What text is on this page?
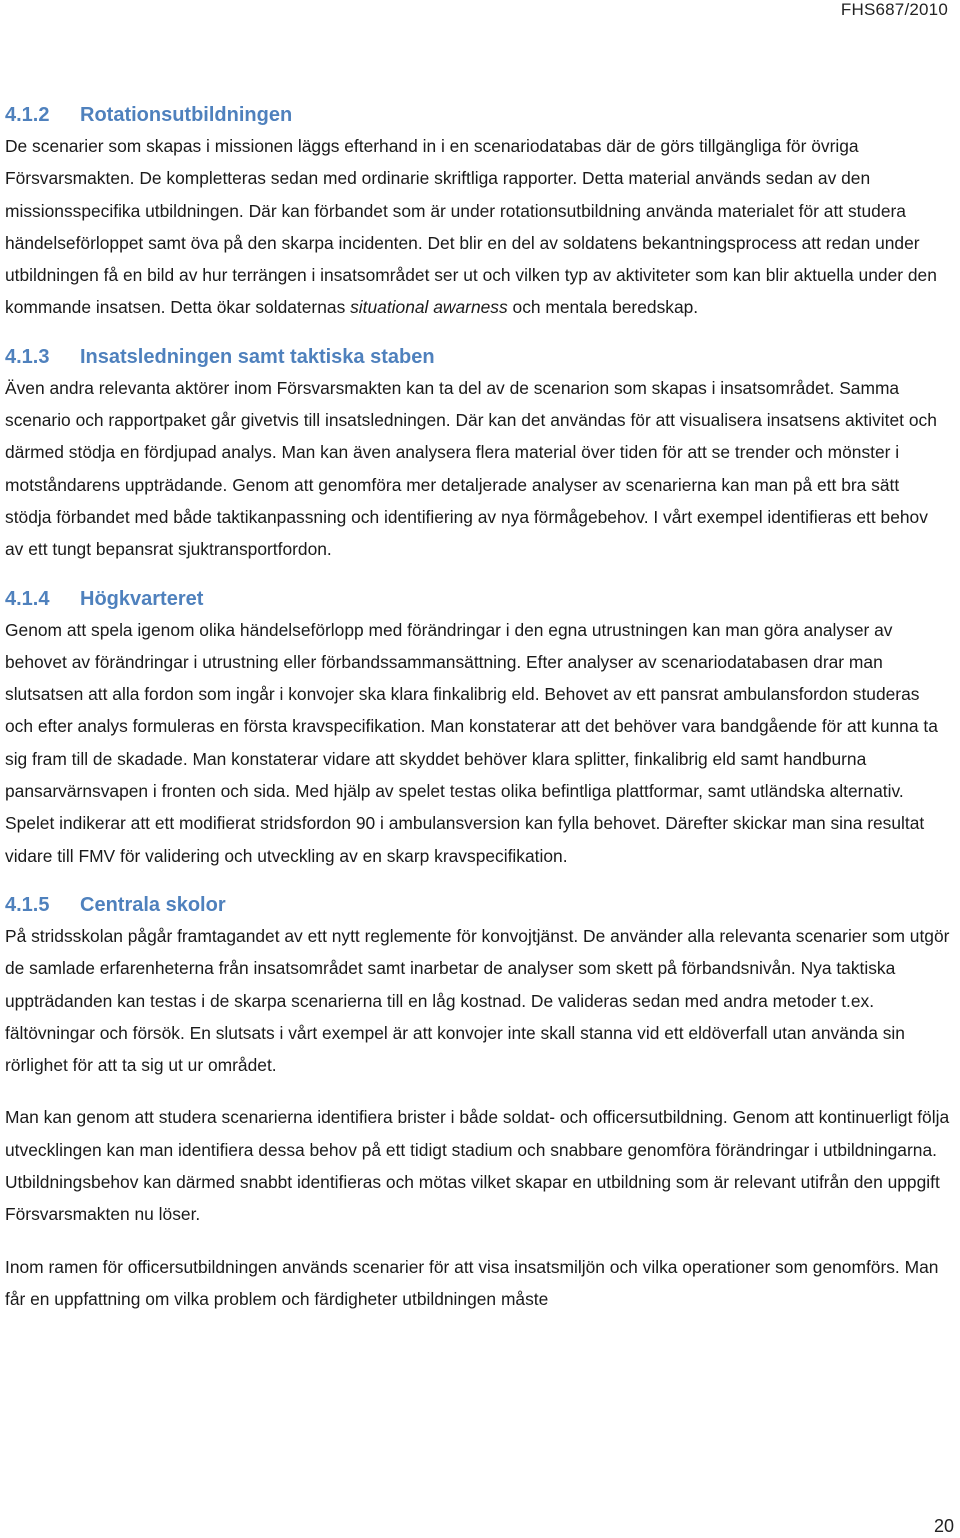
FHS687/2010
4.1.2 Rotationsutbildningen

De scenarier som skapas i missionen läggs efterhand in i en scenariodatabas där de görs tillgängliga för övriga Försvarsmakten. De kompletteras sedan med ordinarie skriftliga rapporter. Detta material används sedan av den missionsspecifika utbildningen. Där kan förbandet som är under rotationsutbildning använda materialet för att studera händelseförloppet samt öva på den skarpa incidenten. Det blir en del av soldatens bekantningsprocess att redan under utbildningen få en bild av hur terrängen i insatsområdet ser ut och vilken typ av aktiviteter som kan blir aktuella under den kommande insatsen. Detta ökar soldaternas situational awarness och mentala beredskap.

4.1.3 Insatsledningen samt taktiska staben

Även andra relevanta aktörer inom Försvarsmakten kan ta del av de scenarion som skapas i insatsområdet. Samma scenario och rapportpaket går givetvis till insatsledningen. Där kan det användas för att visualisera insatsens aktivitet och därmed stödja en fördjupad analys. Man kan även analysera flera material över tiden för att se trender och mönster i motståndarens uppträdande. Genom att genomföra mer detaljerade analyser av scenarierna kan man på ett bra sätt stödja förbandet med både taktikanpassning och identifiering av nya förmågebehov. I vårt exempel identifieras ett behov av ett tungt bepansrat sjuktransportfordon.

4.1.4 Högkvarteret

Genom att spela igenom olika händelseförlopp med förändringar i den egna utrustningen kan man göra analyser av behovet av förändringar i utrustning eller förbandssammansättning. Efter analyser av scenariodatabasen drar man slutsatsen att alla fordon som ingår i konvojer ska klara finkalibrig eld. Behovet av ett pansrat ambulansfordon studeras och efter analys formuleras en första kravspecifikation. Man konstaterar att det behöver vara bandgående för att kunna ta sig fram till de skadade. Man konstaterar vidare att skyddet behöver klara splitter, finkalibrig eld samt handburna pansarvärnsvapen i fronten och sida. Med hjälp av spelet testas olika befintliga plattformar, samt utländska alternativ. Spelet indikerar att ett modifierat stridsfordon 90 i ambulansversion kan fylla behovet. Därefter skickar man sina resultat vidare till FMV för validering och utveckling av en skarp kravspecifikation.

4.1.5 Centrala skolor

På stridsskolan pågår framtagandet av ett nytt reglemente för konvojtjänst. De använder alla relevanta scenarier som utgör de samlade erfarenheterna från insatsområdet samt inarbetar de analyser som skett på förbandsnivån. Nya taktiska uppträdanden kan testas i de skarpa scenarierna till en låg kostnad. De valideras sedan med andra metoder t.ex. fältövningar och försök. En slutsats i vårt exempel är att konvojer inte skall stanna vid ett eldöverfall utan använda sin rörlighet för att ta sig ut ur området.

Man kan genom att studera scenarierna identifiera brister i både soldat- och officersutbildning. Genom att kontinuerligt följa utvecklingen kan man identifiera dessa behov på ett tidigt stadium och snabbare genomföra förändringar i utbildningarna. Utbildningsbehov kan därmed snabbt identifieras och mötas vilket skapar en utbildning som är relevant utifrån den uppgift Försvarsmakten nu löser.

Inom ramen för officersutbildningen används scenarier för att visa insatsmiljön och vilka operationer som genomförs. Man får en uppfattning om vilka problem och färdigheter utbildningen måste

20
